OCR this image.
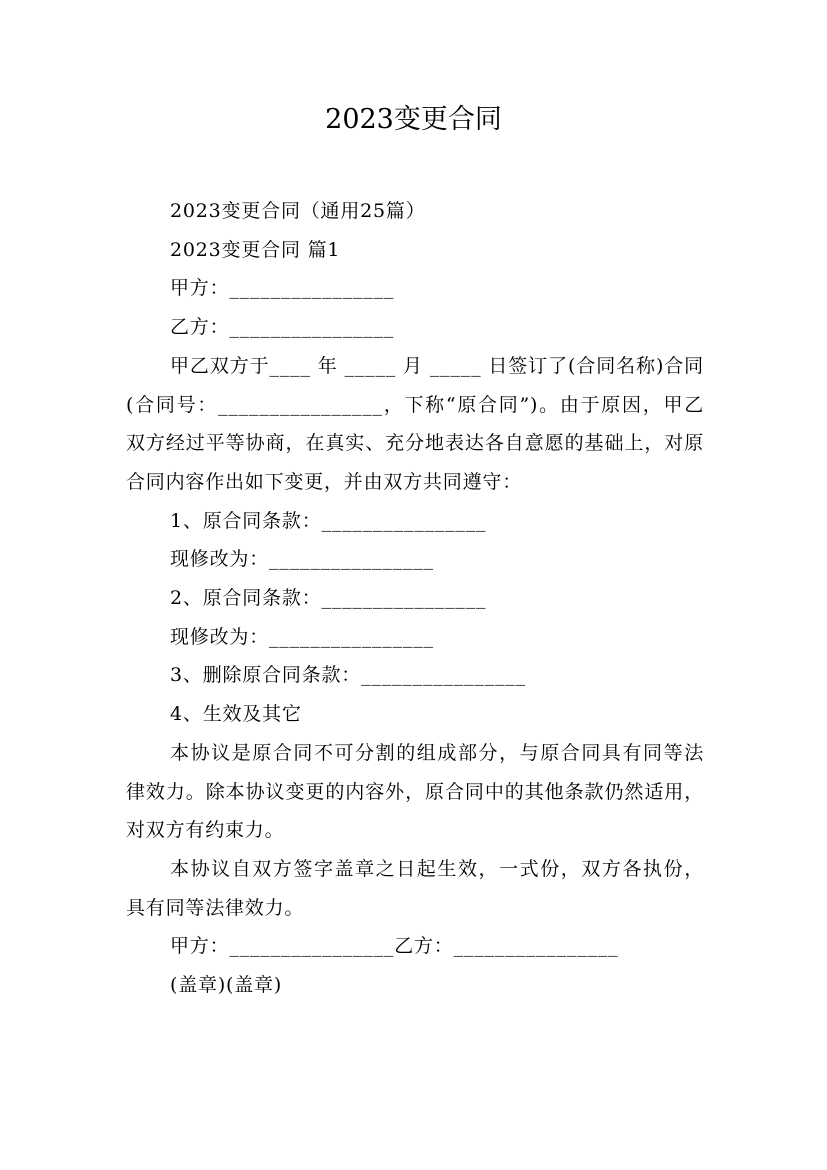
2023变更合同

2023变更合同（通用25篇）

2023变更合同 篇1

甲方：________________

乙方：________________

甲乙双方于____ 年 _____ 月 _____ 日签订了(合同名称)合同(合同号：________________，下称“原合同”)。由于原因，甲乙双方经过平等协商，在真实、充分地表达各自意愿的基础上，对原合同内容作出如下变更，并由双方共同遵守：

1、原合同条款：________________

现修改为：________________

2、原合同条款：________________

现修改为：________________

3、删除原合同条款：________________

4、生效及其它

本协议是原合同不可分割的组成部分，与原合同具有同等法律效力。除本协议变更的内容外，原合同中的其他条款仍然适用，对双方有约束力。

本协议自双方签字盖章之日起生效，一式份，双方各执份，具有同等法律效力。

甲方：________________乙方：________________

(盖章)(盖章)
